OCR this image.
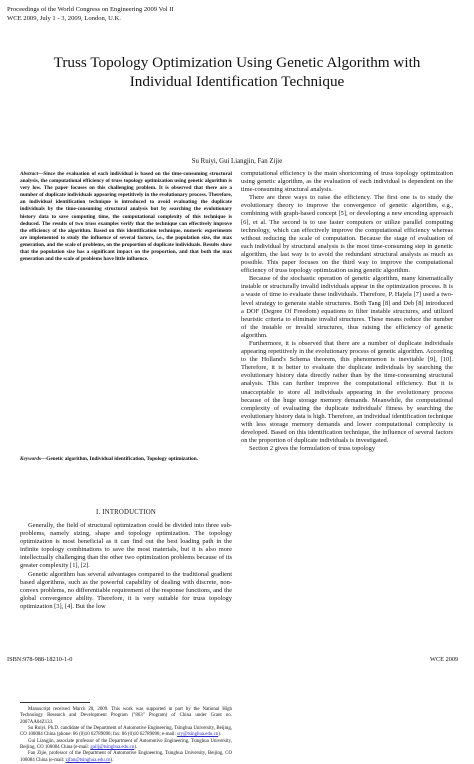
Proceedings of the World Congress on Engineering 2009 Vol II
WCE 2009, July 1 - 3, 2009, London, U.K.
Truss Topology Optimization Using Genetic Algorithm with Individual Identification Technique
Su Ruiyi, Gui Liangjin, Fan Zijie

Abstract—Since the evaluation of each individual is based on the time-consuming structural analysis, the computational efficiency of truss topology optimization using genetic algorithm is very low. The paper focuses on this challenging problem. It is observed that there are a number of duplicate individuals appearing repetitively in the evolutionary process. Therefore, an individual identification technique is introduced to avoid evaluating the duplicate individuals by the time-consuming structural analysis but by searching the evolutionary history data to save computing time, the computational complexity of this technique is deduced. The results of two truss examples verify that the technique can effectively improve the efficiency of the algorithm. Based on this identification technique, numeric experiments are implemented to study the influence of several factors, i.e., the population size, the max generation, and the scale of problems, on the proportion of duplicate individuals. Results show that the population size has a significant impact on the proportion, and that both the max generation and the scale of problems have little influence.

Keywords—Genetic algorithm, Individual identification, Topology optimization.

I. INTRODUCTION

Generally, the field of structural optimization could be divided into three sub-problems, namely sizing, shape and topology optimization. The topology optimization is most beneficial as it can find out the best loading path in the infinite topology combinations to save the most materials, but it is also more intellectually challenging than the other two optimization problems because of its greater complexity [1], [2].

Genetic algorithm has several advantages compared to the traditional gradient based algorithms, such as the powerful capability of dealing with discrete, non-convex problems, no differentiable requirement of the response functions, and the global convergence ability. Therefore, it is very suitable for truss topology optimization [3], [4]. But the low

Manuscript received March 20, 2009. This work was supported in part by the National High Technology Research and Development Program ("863" Program) of China under Grant no. 2007AA04Z133.

Su Ruiyi, Ph.D. candidate of the Department of Automotive Engineering, Tsinghua University, Beijing, CO 100084 China (phone: 86 (0)10 62789096; fax: 86 (0)10 62789096; e-mail: sry@tsinghua.edu.cn).

Gui Liangjin, associate professor of the Department of Automotive Engineering, Tsinghua University, Beijing, CO 100084 China (e-mail: gailj@tsinghua.edu.cn).

Fan Zijie, professor of the Department of Automotive Engineering, Tsinghua University, Beijing, CO 100084 China (e-mail: zjfan@tsinghua.edu.cn).

computational efficiency is the main shortcoming of truss topology optimization using genetic algorithm, as the evaluation of each individual is dependent on the time-consuming structural analysis.

There are three ways to raise the efficiency. The first one is to study the evolutionary theory to improve the convergence of genetic algorithm, e.g., combining with graph-based concept [5], or developing a new encoding approach [6], et al. The second is to use faster computers or utilize parallel computing technology, which can effectively improve the computational efficiency whereas without reducing the scale of computation. Because the stage of evaluation of each individual by structural analysis is the most time-consuming step in genetic algorithm, the last way is to avoid the redundant structural analysis as much as possible. This paper focuses on the third way to improve the computational efficiency of truss topology optimization using genetic algorithm.

Because of the stochastic operation of genetic algorithm, many kinematically instable or structurally invalid individuals appear in the optimization process. It is a waste of time to evaluate these individuals. Therefore, P. Hajela [7] used a two-level strategy to generate stable structures. Both Tang [8] and Deb [8] introduced a DOF (Degree Of Freedom) equations to filter instable structures, and utilized heuristic criteria to eliminate invalid structures. These means reduce the number of the instable or invalid structures, thus raising the efficiency of genetic algorithm.

Furthermore, it is observed that there are a number of duplicate individuals appearing repetitively in the evolutionary process of genetic algorithm. According to the Holland's Schema theorem, this phenomenon is inevitable [9], [10]. Therefore, it is better to evaluate the duplicate individuals by searching the evolutionary history data directly rather than by the time-consuming structural analysis. This can further improve the computational efficiency. But it is unacceptable to store all individuals appearing in the evolutionary process because of the huge storage memory demands. Meanwhile, the computational complexity of evaluating the duplicate individuals' fitness by searching the evolutionary history data is high. Therefore, an individual identification technique with less storage memory demands and lower computational complexity is developed. Based on this identification technique, the influence of several factors on the proportion of duplicate individuals is investigated.

Section 2 gives the formulation of truss topology

ISBN:978-988-18210-1-0	WCE 2009
